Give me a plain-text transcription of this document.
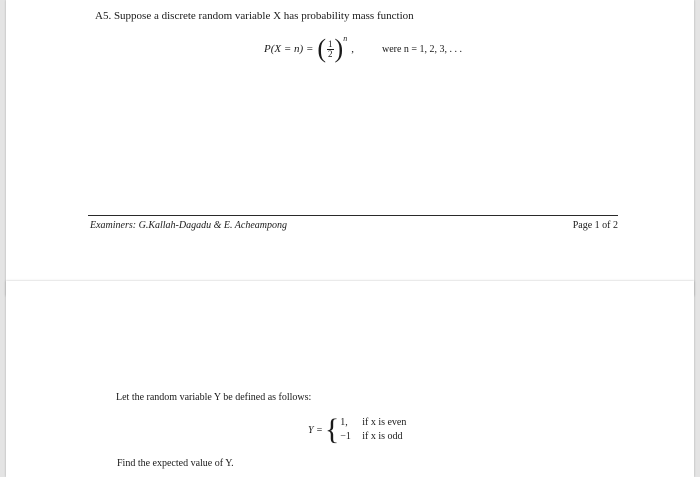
A5. Suppose a discrete random variable X has probability mass function
P(X = n) = ( $\frac{1}{2}$ ) n
,	were n = 1, 2, 3, . . .
Examiners: G.Kallah-Dagadu & E. Acheampong	Page 1 of 2
Let the random variable Y be defined as follows:
Y = { 1,	if x is even
−1	if x is odd
Find the expected value of Y.
